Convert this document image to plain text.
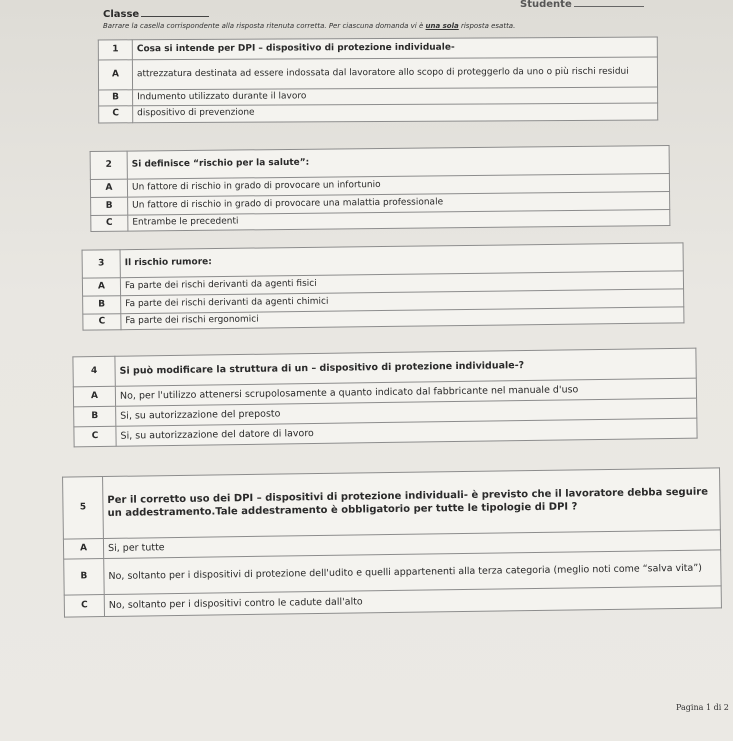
Studente
Classe
Barrare la casella corrispondente alla risposta ritenuta corretta. Per ciascuna domanda vi è una sola risposta esatta.
1	Cosa si intende per DPI – dispositivo di protezione individuale-
A	attrezzatura destinata ad essere indossata dal lavoratore allo scopo di proteggerlo da uno o più rischi residui
B	Indumento utilizzato durante il lavoro
C	dispositivo di prevenzione
2	Si definisce “rischio per la salute”:
A	Un fattore di rischio in grado di provocare un infortunio
B	Un fattore di rischio in grado di provocare una malattia professionale
C	Entrambe le precedenti
3	Il rischio rumore:
A	Fa parte dei rischi derivanti da agenti fisici
B	Fa parte dei rischi derivanti da agenti chimici
C	Fa parte dei rischi ergonomici
4	Si può modificare la struttura di un – dispositivo di protezione individuale-?
A	No, per l'utilizzo attenersi scrupolosamente a quanto indicato dal fabbricante nel manuale d'uso
B	Si, su autorizzazione del preposto
C	Si, su autorizzazione del datore di lavoro
5	Per il corretto uso dei DPI – dispositivi di protezione individuali- è previsto che il lavoratore debba seguire un addestramento.Tale addestramento è obbligatorio per tutte le tipologie di DPI ?
A	Si, per tutte
B	No, soltanto per i dispositivi di protezione dell'udito e quelli appartenenti alla terza categoria (meglio noti come “salva vita”)
C	No, soltanto per i dispositivi contro le cadute dall'alto
Pagina 1 di 2
